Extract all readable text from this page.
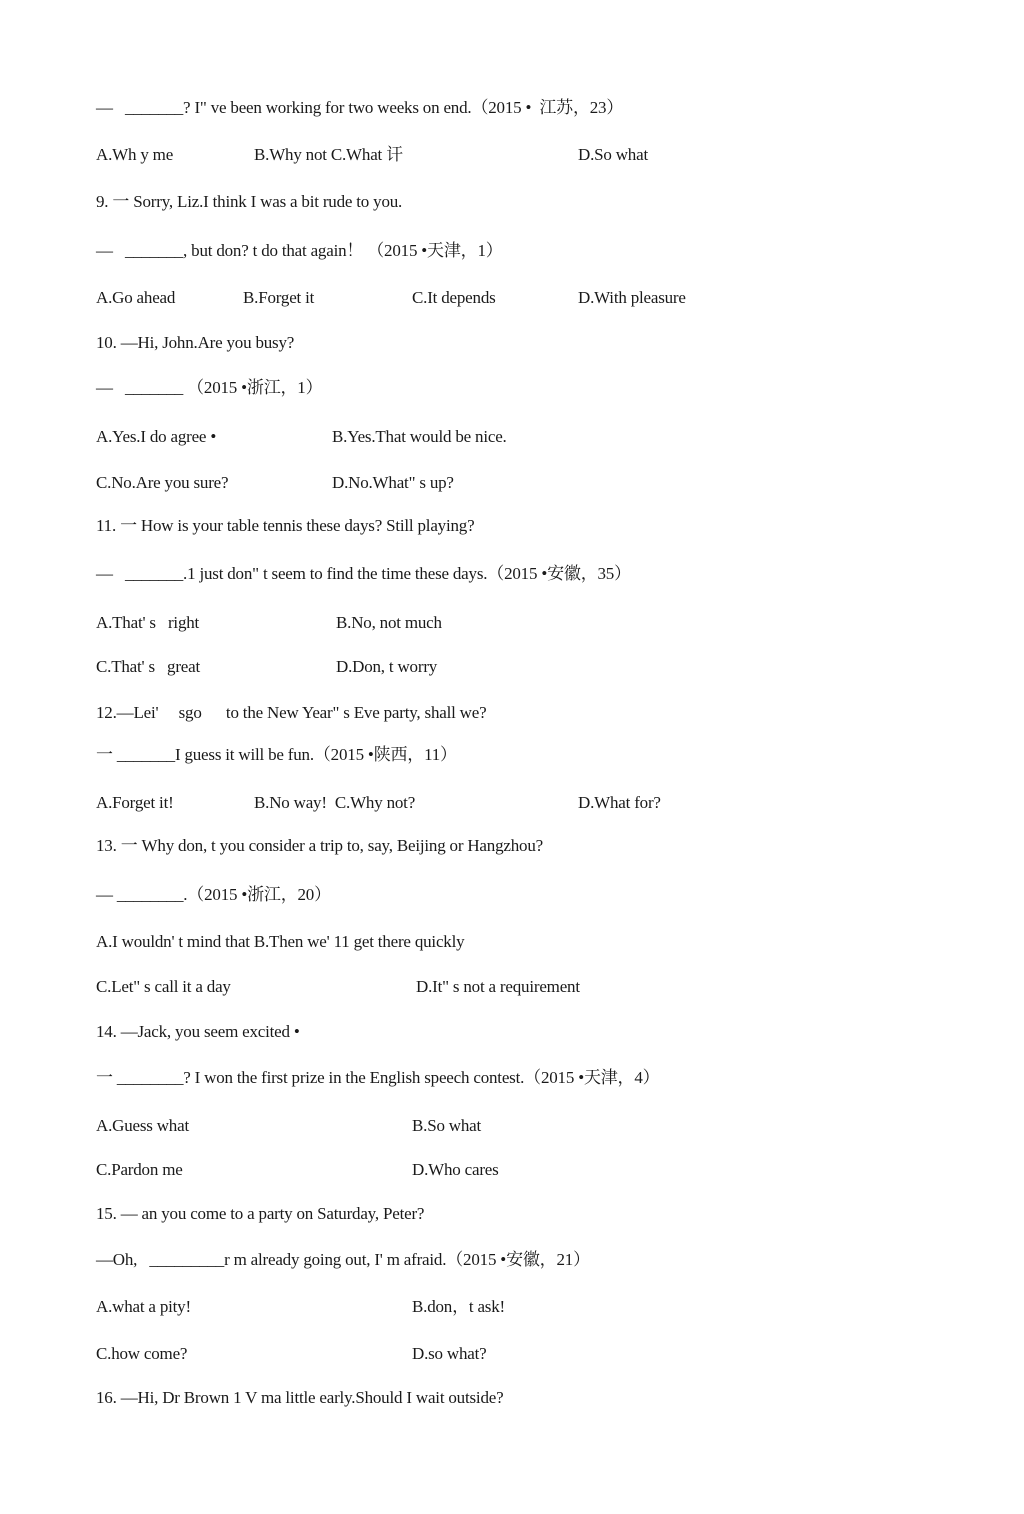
—   _______? I" ve been working for two weeks on end.（2015 •  江苏，23）
A.Wh y me	B.Why not C.What 讦	D.So what
9. 一 Sorry, Liz.I think I was a bit rude to you.
—   _______, but don? t do that again！ （2015 •天津，1）
A.Go ahead	B.Forget it	C.It depends	D.With pleasure
10. —Hi, John.Are you busy?
—   _______ （2015 •浙江，1）
A.Yes.I do agree •	B.Yes.That would be nice.
C.No.Are you sure?	D.No.What" s up?
11. 一 How is your table tennis these days? Still playing?
—   _______.1 just don" t seem to find the time these days.（2015 •安徽，35）
A.That' s   right	B.No, not much
C.That' s   great	D.Don, t worry
12.—Lei'     sgo      to the New Year" s Eve party, shall we?
一 _______I guess it will be fun.（2015 •陕西，11）
A.Forget it!	B.No way!  C.Why not?	D.What for?
13. 一 Why don, t you consider a trip to, say, Beijing or Hangzhou?
— ________.（2015 •浙江，20）
A.I wouldn' t mind that B.Then we' 11 get there quickly
C.Let" s call it a day	D.It" s not a requirement
14. —Jack, you seem excited •
一 ________? I won the first prize in the English speech contest.（2015 •天津，4）
A.Guess what	B.So what
C.Pardon me	D.Who cares
15. — an you come to a party on Saturday, Peter?
—Oh,   _________r m already going out, I' m afraid.（2015 •安徽，21）
A.what a pity!	B.don，t ask!
C.how come?	D.so what?
16. —Hi, Dr Brown 1 V ma little early.Should I wait outside?
